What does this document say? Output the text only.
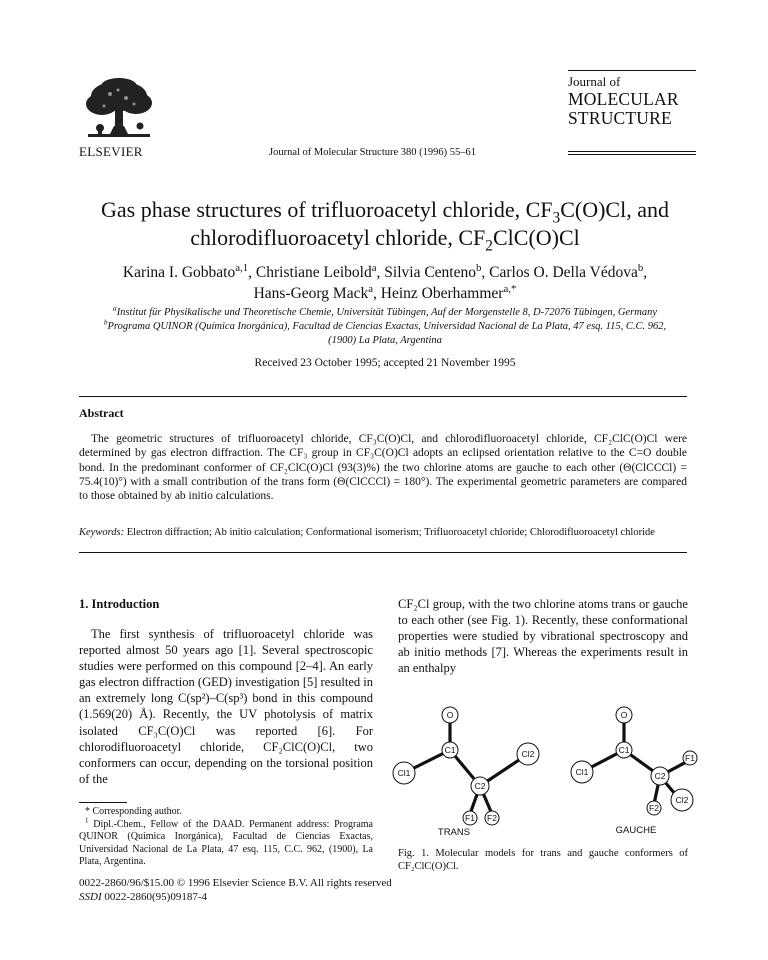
ELSEVIER	Journal of Molecular Structure 380 (1996) 55–61
Journal of
MOLECULAR
STRUCTURE
Gas phase structures of trifluoroacetyl chloride, $CF_3C(O)Cl$, and
chlorodifluoroacetyl chloride, $CF_2ClC(O)Cl$
Karina I. Gobbato$^{a,1}$, Christiane Leibold$^a$, Silvia Centeno$^b$, Carlos O. Della Védova$^b$,
Hans-Georg Mack$^a$, Heinz Oberhammer$^{a,*}$
$^a$Institut für Physikalische und Theoretische Chemie, Universität Tübingen, Auf der Morgenstelle 8, D-72076 Tübingen, Germany
$^b$Programa QUINOR (Química Inorgánica), Facultad de Ciencias Exactas, Universidad Nacional de La Plata, 47 esq. 115, C.C. 962,
(1900) La Plata, Argentina
Received 23 October 1995; accepted 21 November 1995
Abstract
The geometric structures of trifluoroacetyl chloride, CF₃C(O)Cl, and chlorodifluoroacetyl chloride, CF₂ClC(O)Cl were determined by gas electron diffraction. The CF₃ group in CF₃C(O)Cl adopts an eclipsed orientation relative to the C=O double bond. In the predominant conformer of CF₂ClC(O)Cl (93(3)%) the two chlorine atoms are gauche to each other (Θ(ClCCCl) = 75.4(10)°) with a small contribution of the trans form (Θ(ClCCCl) = 180°). The experimental geometric parameters are compared to those obtained by ab initio calculations.
Keywords: Electron diffraction; Ab initio calculation; Conformational isomerism; Trifluoroacetyl chloride; Chlorodifluoroacetyl chloride
1. Introduction
The first synthesis of trifluoroacetyl chloride was reported almost 50 years ago [1]. Several spectroscopic studies were performed on this compound [2–4]. An early gas electron diffraction (GED) investigation [5] resulted in an extremely long C(sp²)–C(sp³) bond in this compound (1.569(20) Å). Recently, the UV photolysis of matrix isolated CF₃C(O)Cl was reported [6]. For chlorodifluoroacetyl chloride, CF₂ClC(O)Cl, two conformers can occur, depending on the torsional position of the
* Corresponding author.
$^1$ Dipl.-Chem., Fellow of the DAAD. Permanent address: Programa QUINOR (Química Inorgánica), Facultad de Ciencias Exactas, Universidad Nacional de La Plata, 47 esq. 115, C.C. 962, (1900), La Plata, Argentina.
CF₂Cl group, with the two chlorine atoms trans or gauche to each other (see Fig. 1). Recently, these conformational properties were studied by vibrational spectroscopy and ab initio methods [7]. Whereas the experiments result in an enthalpy
O
C1
Cl1
C2
Cl2
F1 F2
O
C1
Cl1	C2
F1
F2
Cl2
TRANS	GAUCHE
Fig. 1. Molecular models for trans and gauche conformers of CF₂ClC(O)Cl.
0022-2860/96/$15.00 © 1996 Elsevier Science B.V. All rights reserved
SSDI 0022-2860(95)09187-4
